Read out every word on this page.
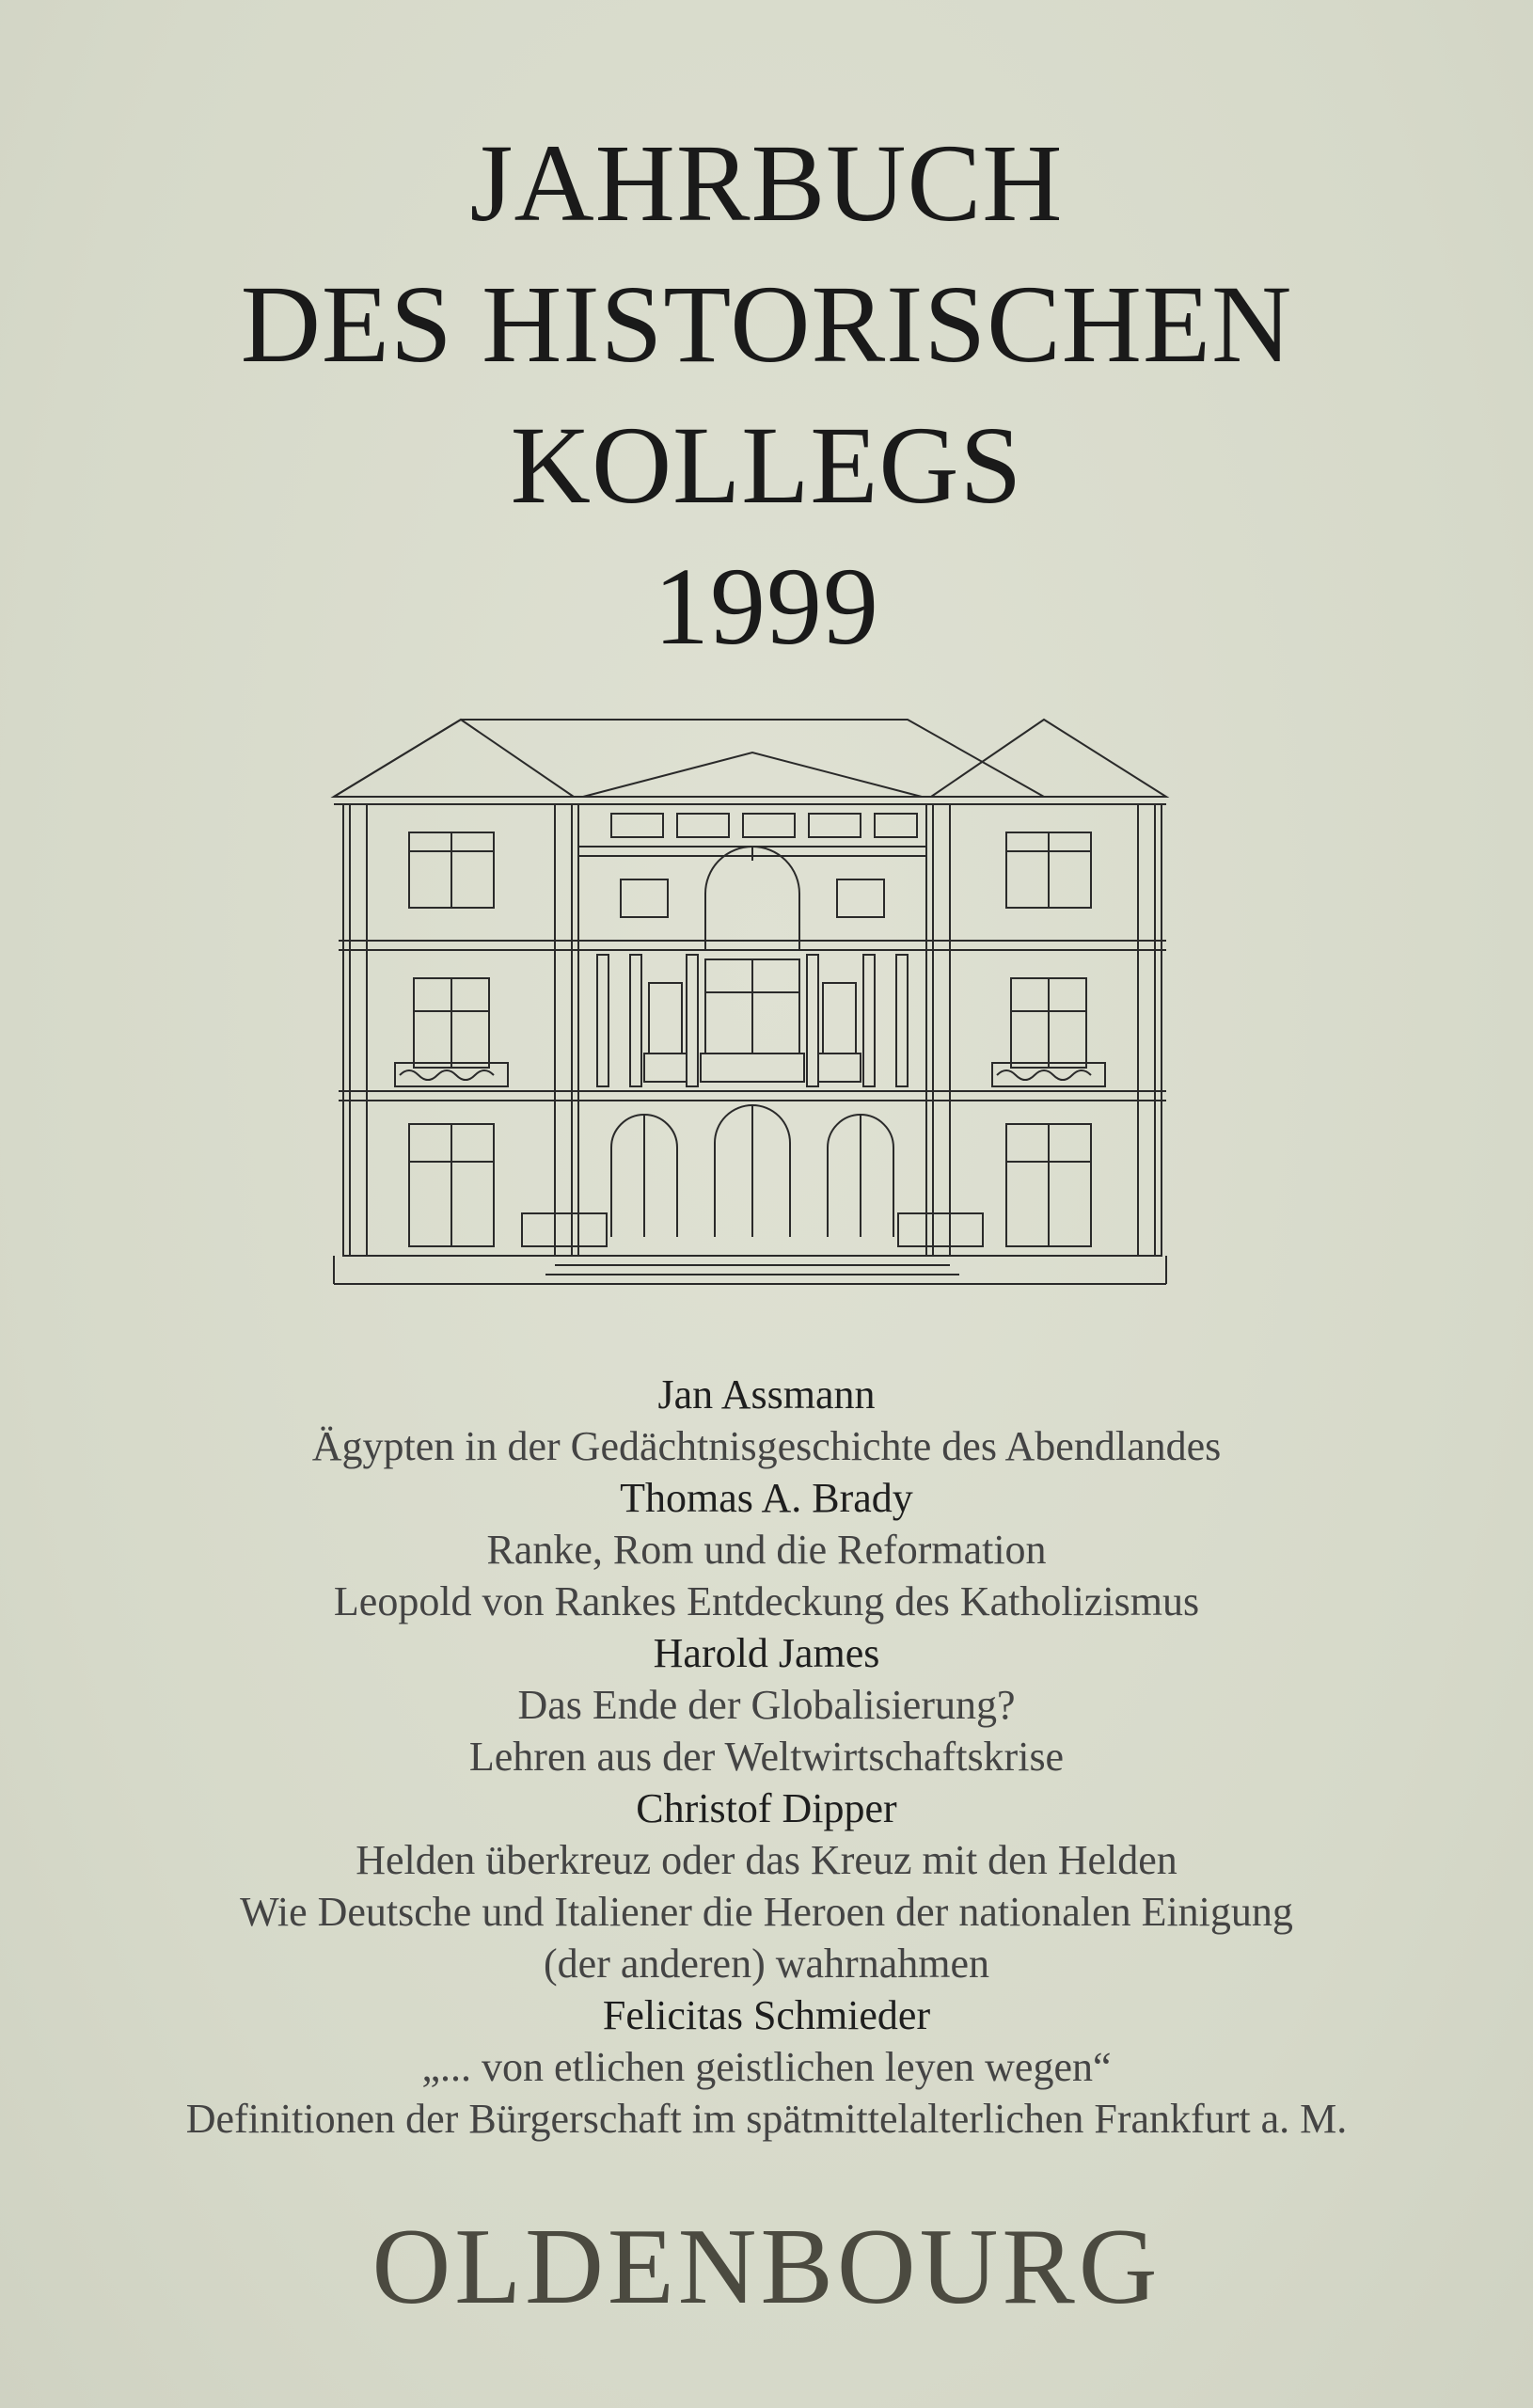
JAHRBUCH
DES HISTORISCHEN
KOLLEGS
1999
Jan Assmann
Ägypten in der Gedächtnisgeschichte des Abendlandes
Thomas A. Brady
Ranke, Rom und die Reformation
Leopold von Rankes Entdeckung des Katholizismus
Harold James
Das Ende der Globalisierung?
Lehren aus der Weltwirtschaftskrise
Christof Dipper
Helden überkreuz oder das Kreuz mit den Helden
Wie Deutsche und Italiener die Heroen der nationalen Einigung
(der anderen) wahrnahmen
Felicitas Schmieder
„... von etlichen geistlichen leyen wegen“
Definitionen der Bürgerschaft im spätmittelalterlichen Frankfurt a. M.
OLDENBOURG
